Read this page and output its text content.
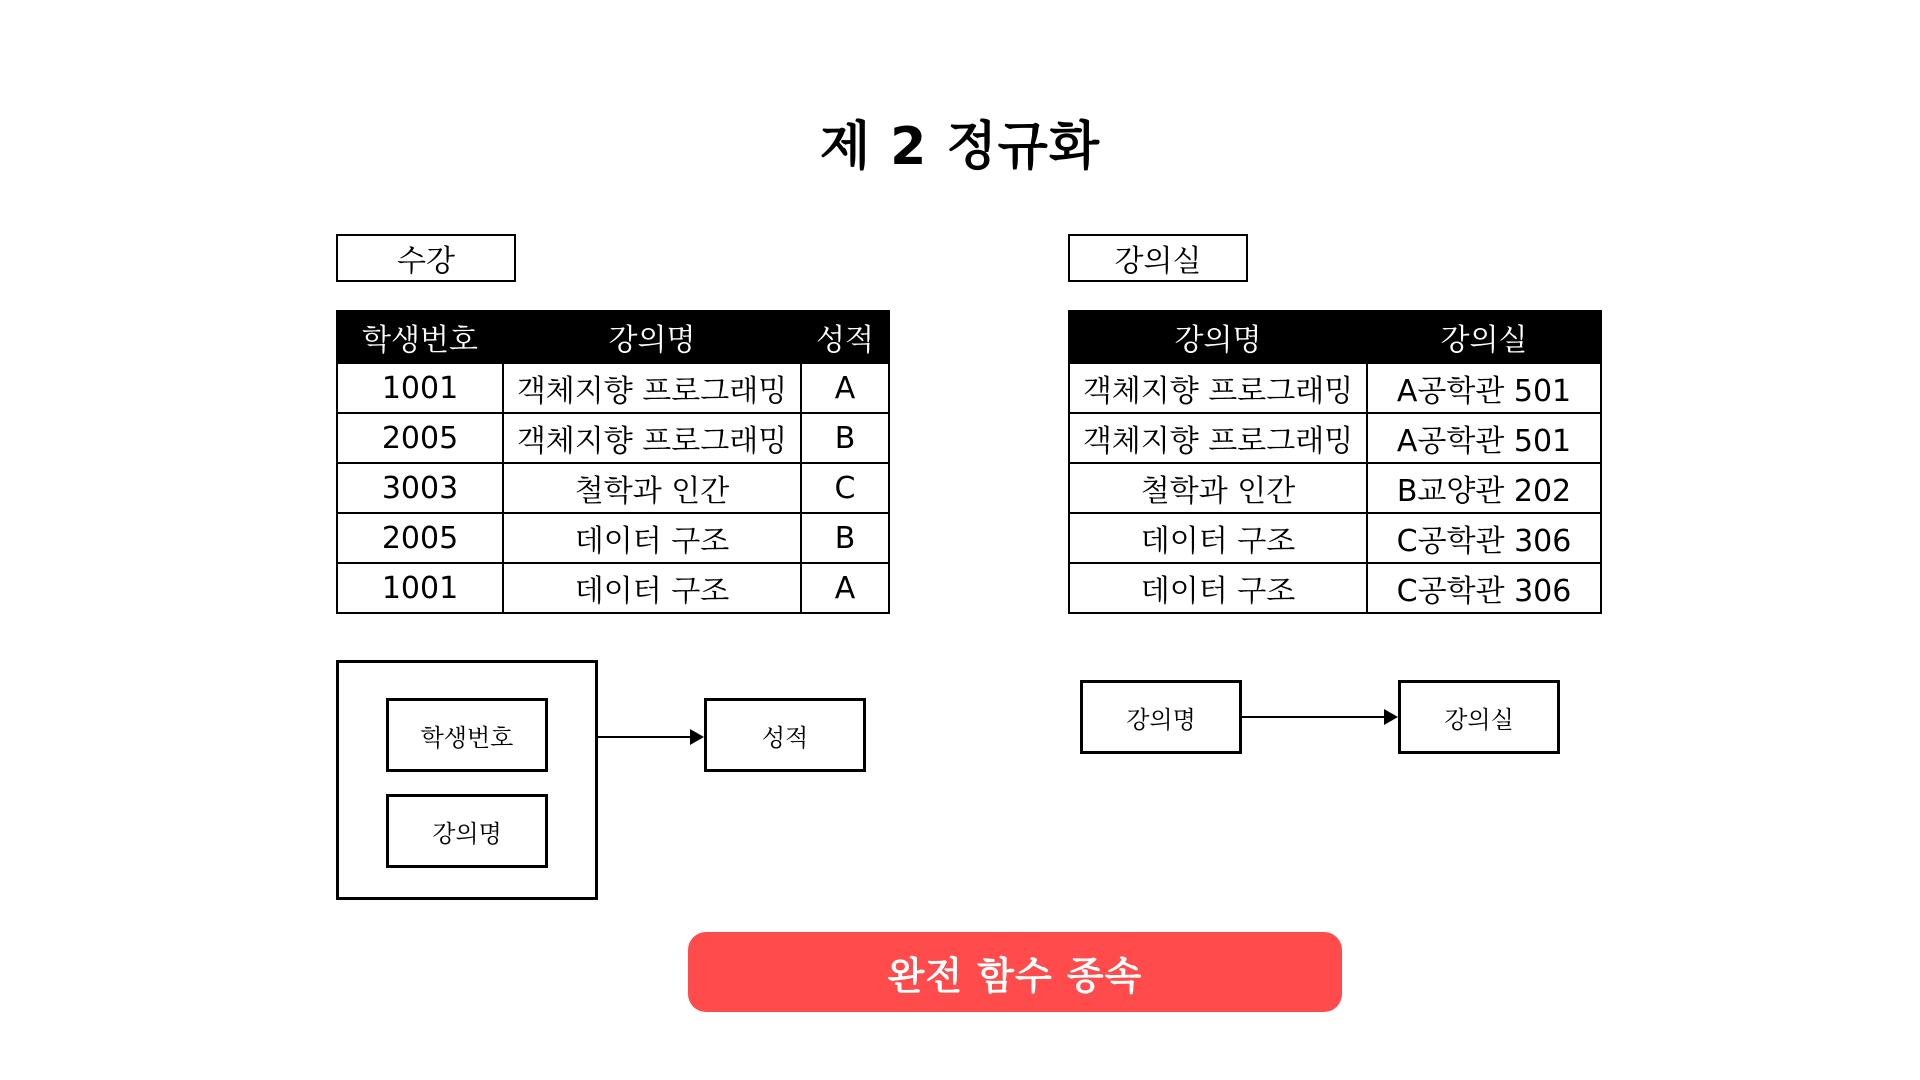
제 2 정규화
수강
학생번호	강의명	성적
1001	객체지향 프로그래밍	A
2005	객체지향 프로그래밍	B
3003	철학과 인간	C
2005	데이터 구조	B
1001	데이터 구조	A
강의실
강의명	강의실
객체지향 프로그래밍	A공학관 501
객체지향 프로그래밍	A공학관 501
철학과 인간	B교양관 202
데이터 구조	C공학관 306
데이터 구조	C공학관 306
학생번호
강의명
성적
강의명	강의실
완전 함수 종속
